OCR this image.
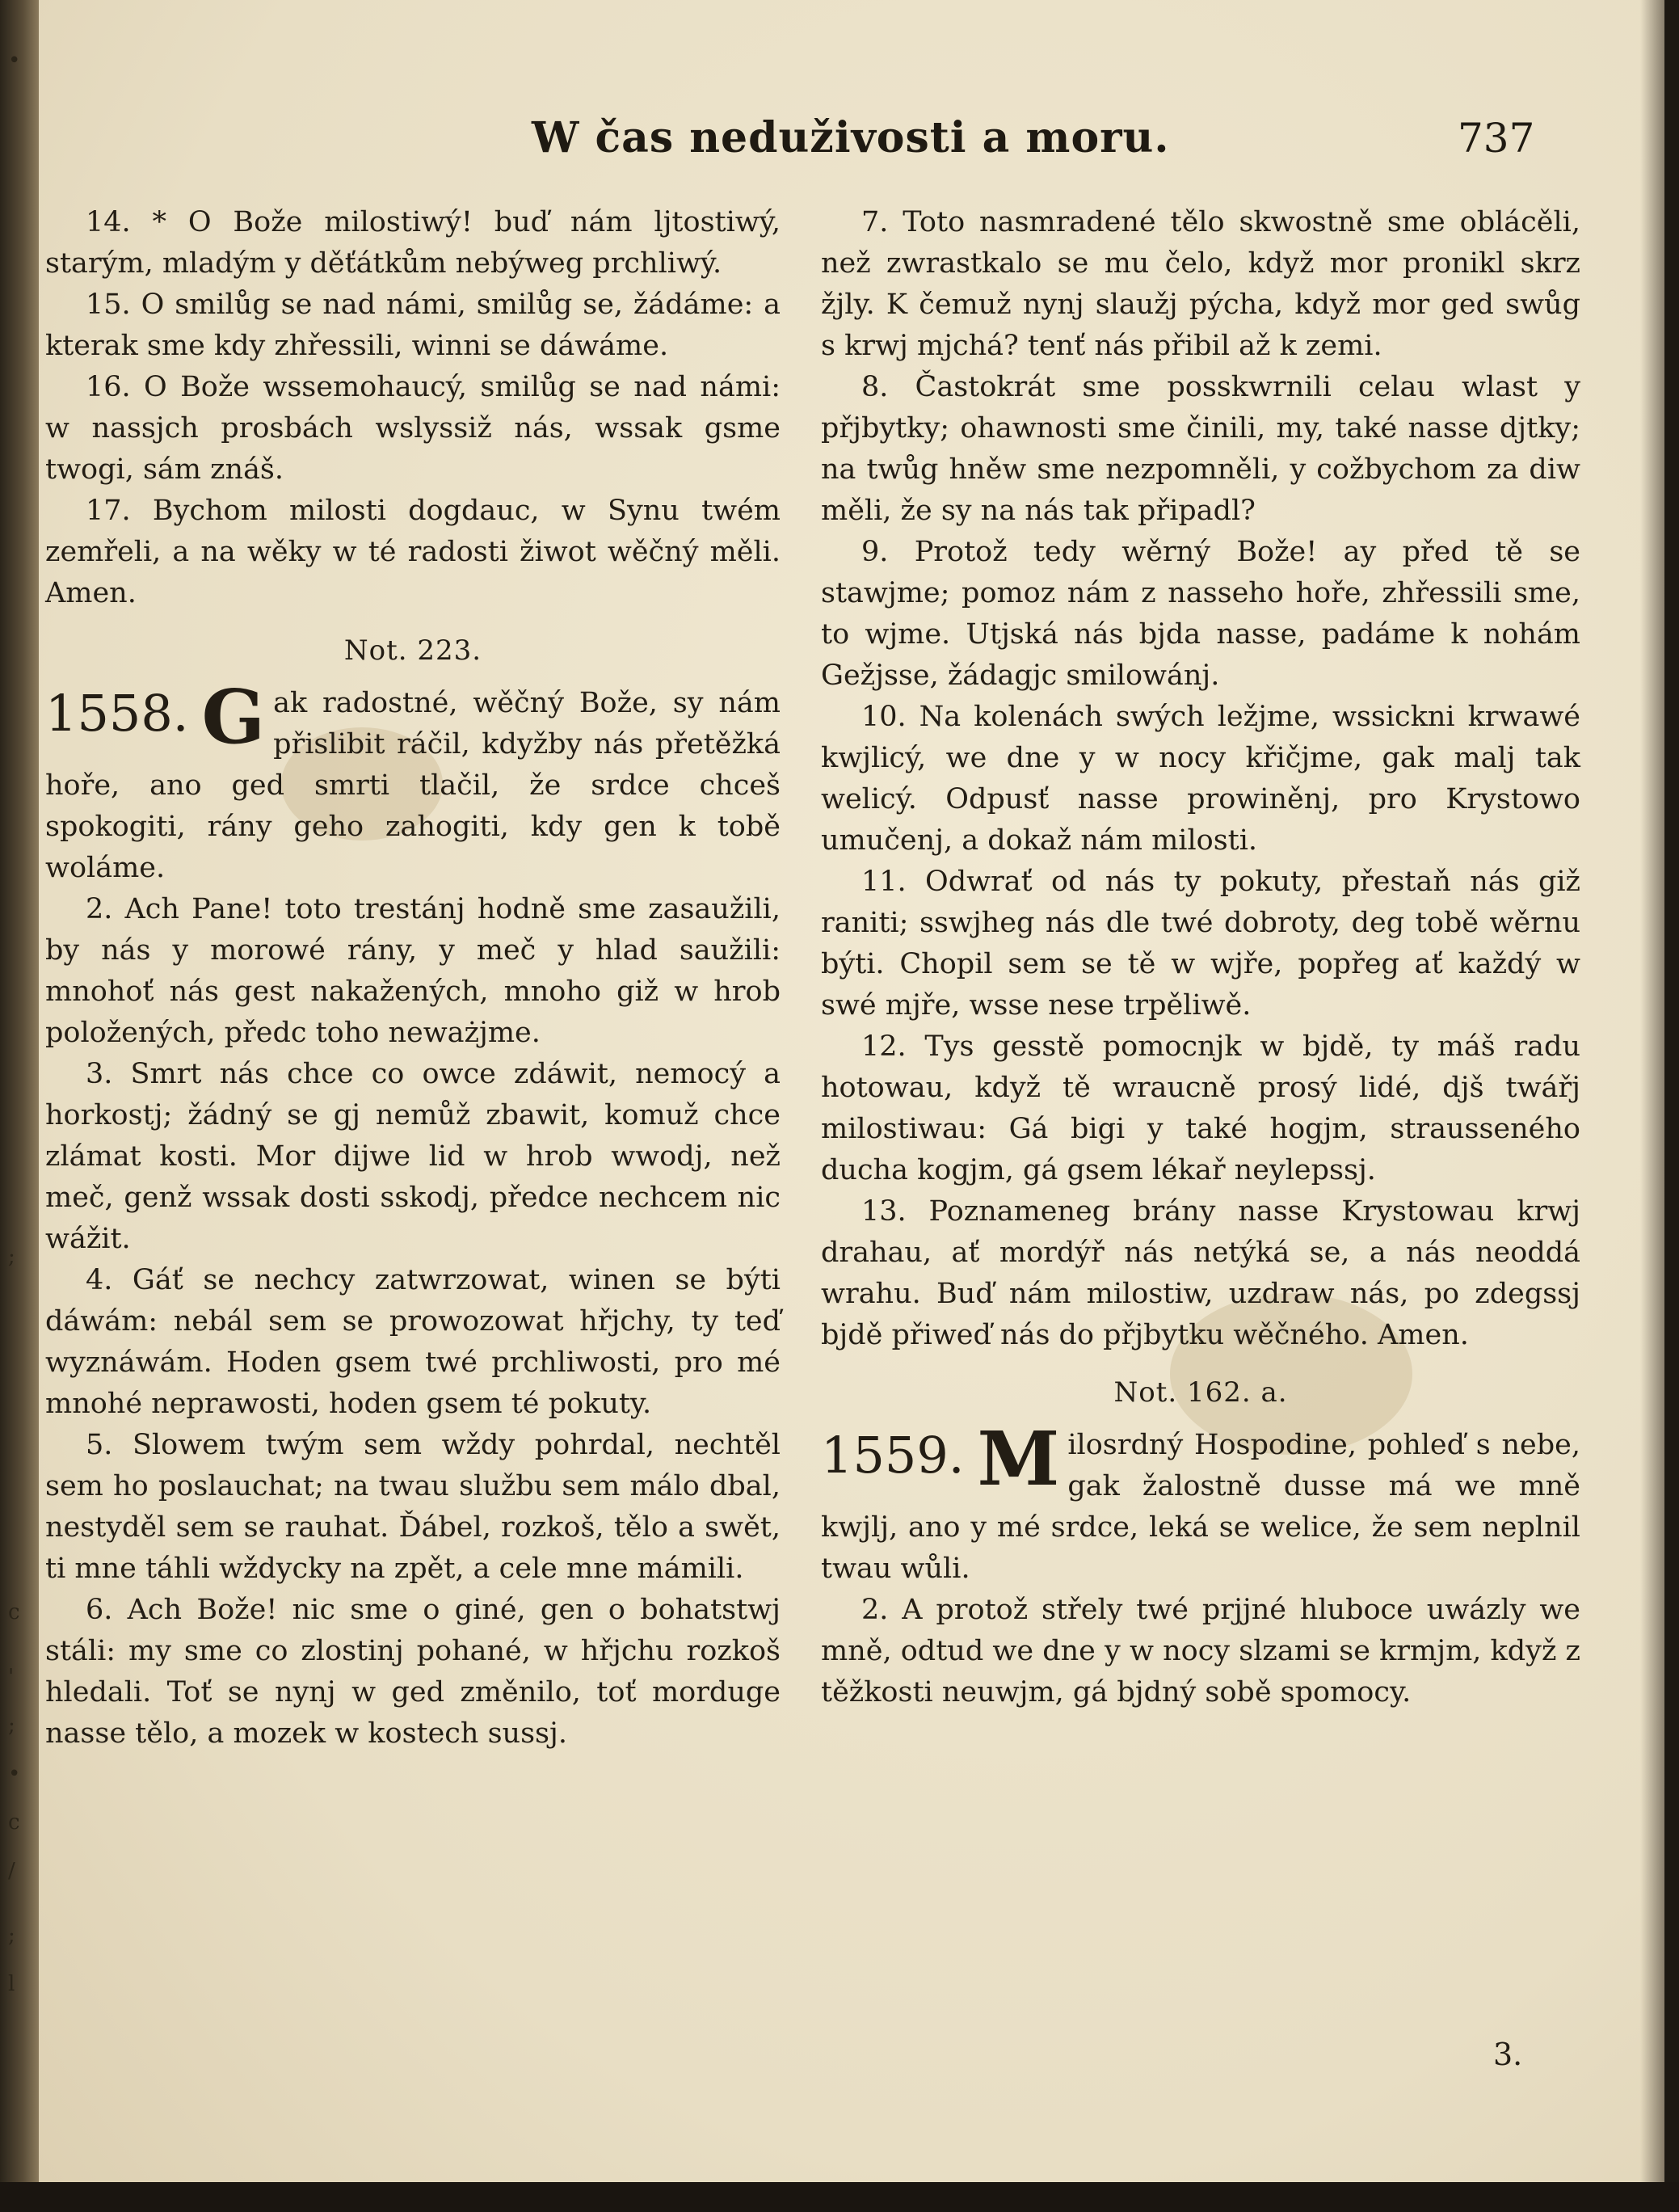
•
;
c
'
;
•
c
/
;
l
W čas neduživosti a moru.	737

14. * O Bože milostiwý! buď nám ljtostiwý, starým, mladým y děťátkům nebýweg prchliwý.

15. O smilůg se nad námi, smilůg se, žádáme: a kterak sme kdy zhřessili, winni se dáwáme.

16. O Bože wssemohaucý, smilůg se nad námi: w nassjch prosbách wslyssiž nás, wssak gsme twogi, sám znáš.

17. Bychom milosti dogdauc, w Synu twém zemřeli, a na wěky w té radosti žiwot wěčný měli. Amen.

Not. 223.
1558. G ak radostné, wěčný Bože, sy nám přislibit ráčil, kdyžby nás přetěžká hoře, ano ged smrti tlačil, že srdce chceš spokogiti, rány geho zahogiti, kdy gen k tobě woláme.

2. Ach Pane! toto trestánj hodně sme zasaužili, by nás y morowé rány, y meč y hlad saužili: mnohoť nás gest nakažených, mnoho giž w hrob položených, předc toho neważjme.

3. Smrt nás chce co owce zdáwit, nemocý a horkostj; žádný se gj nemůž zbawit, komuž chce zlámat kosti. Mor dijwe lid w hrob wwodj, než meč, genž wssak dosti sskodj, předce nechcem nic wážit.

4. Gáť se nechcy zatwrzowat, winen se býti dáwám: nebál sem se prowozowat hřjchy, ty teď wyznáwám. Hoden gsem twé prchliwosti, pro mé mnohé neprawosti, hoden gsem té pokuty.

5. Slowem twým sem wždy pohrdal, nechtěl sem ho poslauchat; na twau službu sem málo dbal, nestyděl sem se rauhat. Ďábel, rozkoš, tělo a swět, ti mne táhli wždycky na zpět, a cele mne mámili.

6. Ach Bože! nic sme o giné, gen o bohatstwj stáli: my sme co zlostinj pohané, w hřjchu rozkoš hledali. Toť se nynj w ged změnilo, toť morduge nasse tělo, a mozek w kostech sussj.

7. Toto nasmradené tělo skwostně sme oblácěli, než zwrastkalo se mu čelo, když mor pronikl skrz žjly. K čemuž nynj slaužj pýcha, když mor ged swůg s krwj mjchá? tenť nás přibil až k zemi.

8. Častokrát sme posskwrnili celau wlast y přjbytky; ohawnosti sme činili, my, také nasse djtky; na twůg hněw sme nezpomněli, y cožbychom za diw měli, že sy na nás tak připadl?

9. Protož tedy wěrný Bože! ay před tě se stawjme; pomoz nám z nasseho hoře, zhřessili sme, to wjme. Utjská nás bjda nasse, padáme k nohám Gežjsse, žádagjc smilowánj.

10. Na kolenách swých ležjme, wssickni krwawé kwjlicý, we dne y w nocy křičjme, gak malj tak welicý. Odpusť nasse prowiněnj, pro Krystowo umučenj, a dokaž nám milosti.

11. Odwrať od nás ty pokuty, přestaň nás giž raniti; sswjheg nás dle twé dobroty, deg tobě wěrnu býti. Chopil sem se tě w wjře, popřeg ať každý w swé mjře, wsse nese trpěliwě.

12. Tys gesstě pomocnjk w bjdě, ty máš radu hotowau, když tě wraucně prosý lidé, djš twářj milostiwau: Gá bigi y také hogjm, strausseného ducha kogjm, gá gsem lékař neylepssj.

13. Poznameneg brány nasse Krystowau krwj drahau, ať mordýř nás netýká se, a nás neoddá wrahu. Buď nám milostiw, uzdraw nás, po zdegssj bjdě přiweď nás do přjbytku wěčného. Amen.

Not. 162. a.
1559. M ilosrdný Hospodine, pohleď s nebe, gak žalostně dusse má we mně kwjlj, ano y mé srdce, leká se welice, že sem neplnil twau wůli.

2. A protož střely twé prjjné hluboce uwázly we mně, odtud we dne y w nocy slzami se krmjm, když z těžkosti neuwjm, gá bjdný sobě spomocy.

3.
